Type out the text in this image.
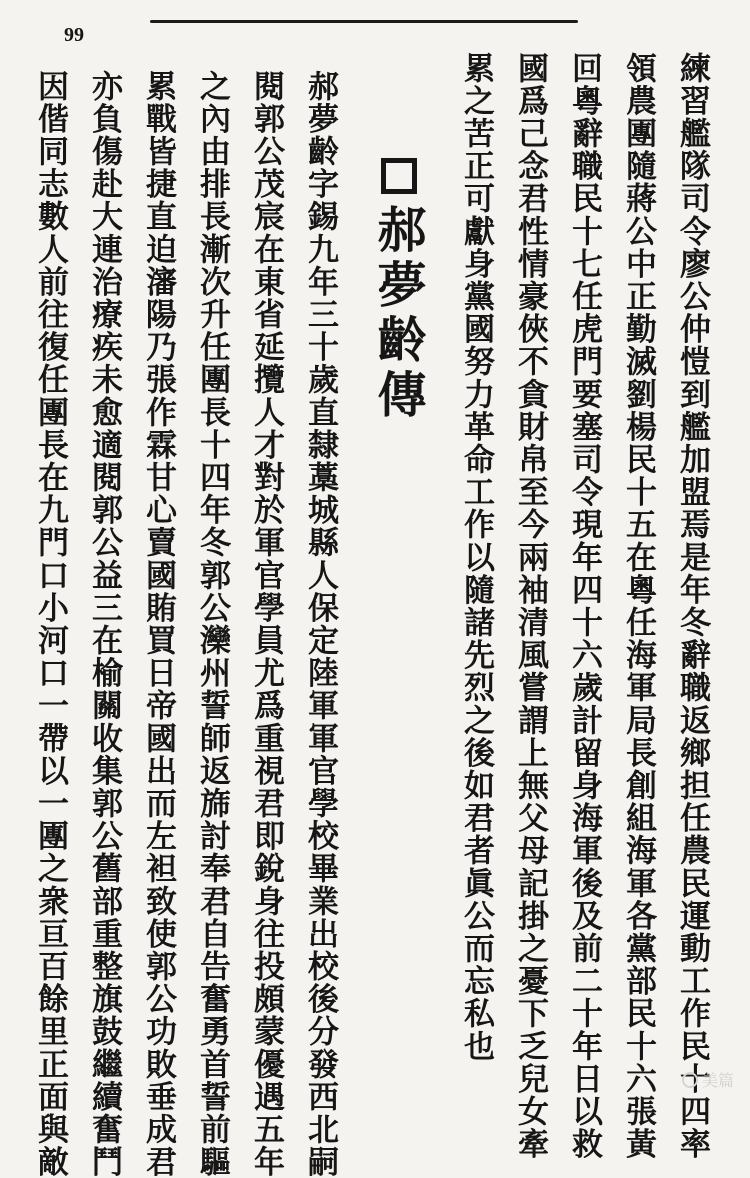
99
練習艦隊司令廖公仲愷到艦加盟焉是年冬辭職返鄉担任農民運動工作民十四率
領農團隨蔣公中正勤滅劉楊民十五在粵任海軍局長創組海軍各黨部民十六張黃
回粵辭職民十七任虎門要塞司令現年四十六歲計留身海軍後及前二十年日以救
國爲己念君性情豪俠不貪財帛至今兩袖清風嘗謂上無父母記掛之憂下乏兒女牽
累之苦正可獻身黨國努力革命工作以隨諸先烈之後如君者眞公而忘私也
郝夢齡傳
郝夢齡字錫九年三十歲直隸藁城縣人保定陸軍軍官學校畢業出校後分發西北嗣
閱郭公茂宸在東省延攬人才對於軍官學員尤爲重視君即銳身往投頗蒙優遇五年
之內由排長漸次升任團長十四年冬郭公灤州誓師返旆討奉君自告奮勇首誓前驅
累戰皆捷直迫瀋陽乃張作霖甘心賣國賄買日帝國出而左袒致使郭公功敗垂成君
亦負傷赴大連治療疾未愈適閱郭公益三在榆關收集郭公舊部重整旗鼓繼續奮鬥
因偕同志數人前往復任團長在九門口小河口一帶以一團之衆亘百餘里正面與敵	美篇
